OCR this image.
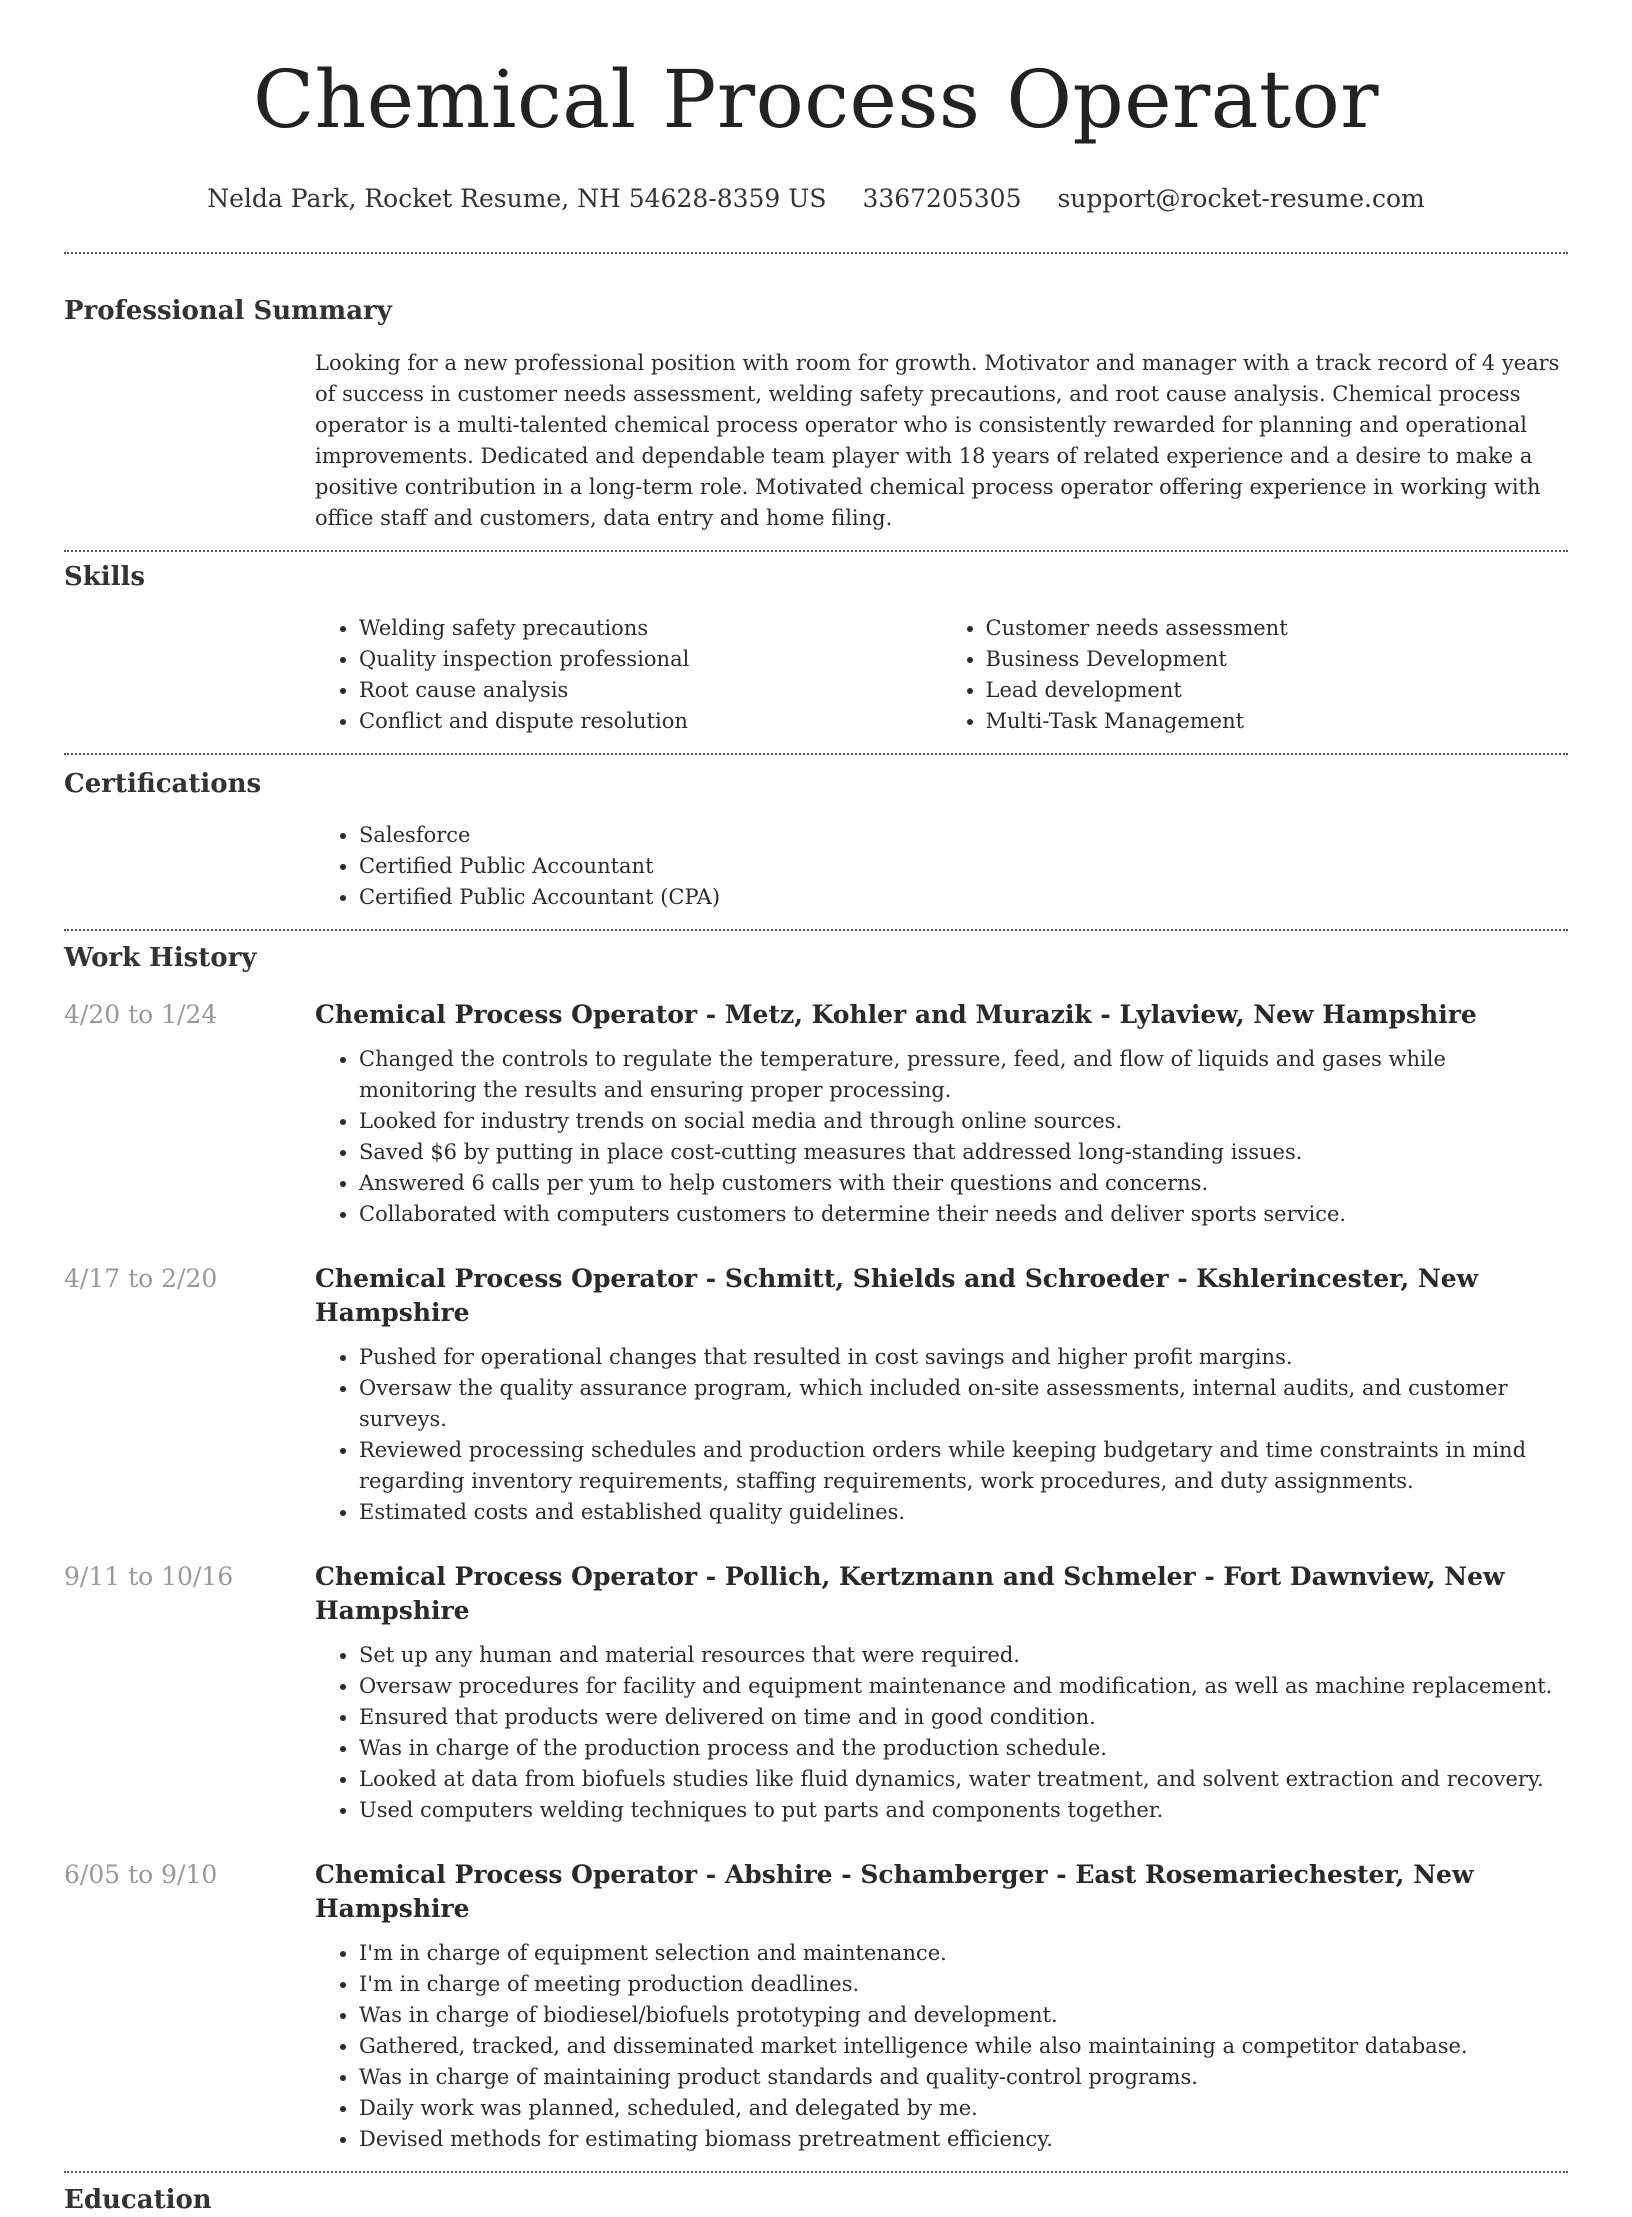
Chemical Process Operator
Nelda Park, Rocket Resume, NH 54628-8359 US 3367205305 support@rocket-resume.com
Professional Summary

Looking for a new professional position with room for growth. Motivator and manager with a track record of 4 years of success in customer needs assessment, welding safety precautions, and root cause analysis. Chemical process operator is a multi-talented chemical process operator who is consistently rewarded for planning and operational improvements. Dedicated and dependable team player with 18 years of related experience and a desire to make a positive contribution in a long-term role. Motivated chemical process operator offering experience in working with office staff and customers, data entry and home filing.

Skills
• Welding safety precautions
• Quality inspection professional
• Root cause analysis
• Conflict and dispute resolution
• Customer needs assessment
• Business Development
• Lead development
• Multi-Task Management
Certifications
• Salesforce
• Certified Public Accountant
• Certified Public Accountant (CPA)
Work History
4/20 to 1/24	Chemical Process Operator - Metz, Kohler and Murazik - Lylaview, New Hampshire
• Changed the controls to regulate the temperature, pressure, feed, and flow of liquids and gases while monitoring the results and ensuring proper processing.
• Looked for industry trends on social media and through online sources.
• Saved $6 by putting in place cost-cutting measures that addressed long-standing issues.
• Answered 6 calls per yum to help customers with their questions and concerns.
• Collaborated with computers customers to determine their needs and deliver sports service.
4/17 to 2/20	Chemical Process Operator - Schmitt, Shields and Schroeder - Kshlerincester, New Hampshire
• Pushed for operational changes that resulted in cost savings and higher profit margins.
• Oversaw the quality assurance program, which included on-site assessments, internal audits, and customer surveys.
• Reviewed processing schedules and production orders while keeping budgetary and time constraints in mind regarding inventory requirements, staffing requirements, work procedures, and duty assignments.
• Estimated costs and established quality guidelines.
9/11 to 10/16	Chemical Process Operator - Pollich, Kertzmann and Schmeler - Fort Dawnview, New Hampshire
• Set up any human and material resources that were required.
• Oversaw procedures for facility and equipment maintenance and modification, as well as machine replacement.
• Ensured that products were delivered on time and in good condition.
• Was in charge of the production process and the production schedule.
• Looked at data from biofuels studies like fluid dynamics, water treatment, and solvent extraction and recovery.
• Used computers welding techniques to put parts and components together.
6/05 to 9/10	Chemical Process Operator - Abshire - Schamberger - East Rosemariechester, New Hampshire
• I'm in charge of equipment selection and maintenance.
• I'm in charge of meeting production deadlines.
• Was in charge of biodiesel/biofuels prototyping and development.
• Gathered, tracked, and disseminated market intelligence while also maintaining a competitor database.
• Was in charge of maintaining product standards and quality-control programs.
• Daily work was planned, scheduled, and delegated by me.
• Devised methods for estimating biomass pretreatment efficiency.
Education
